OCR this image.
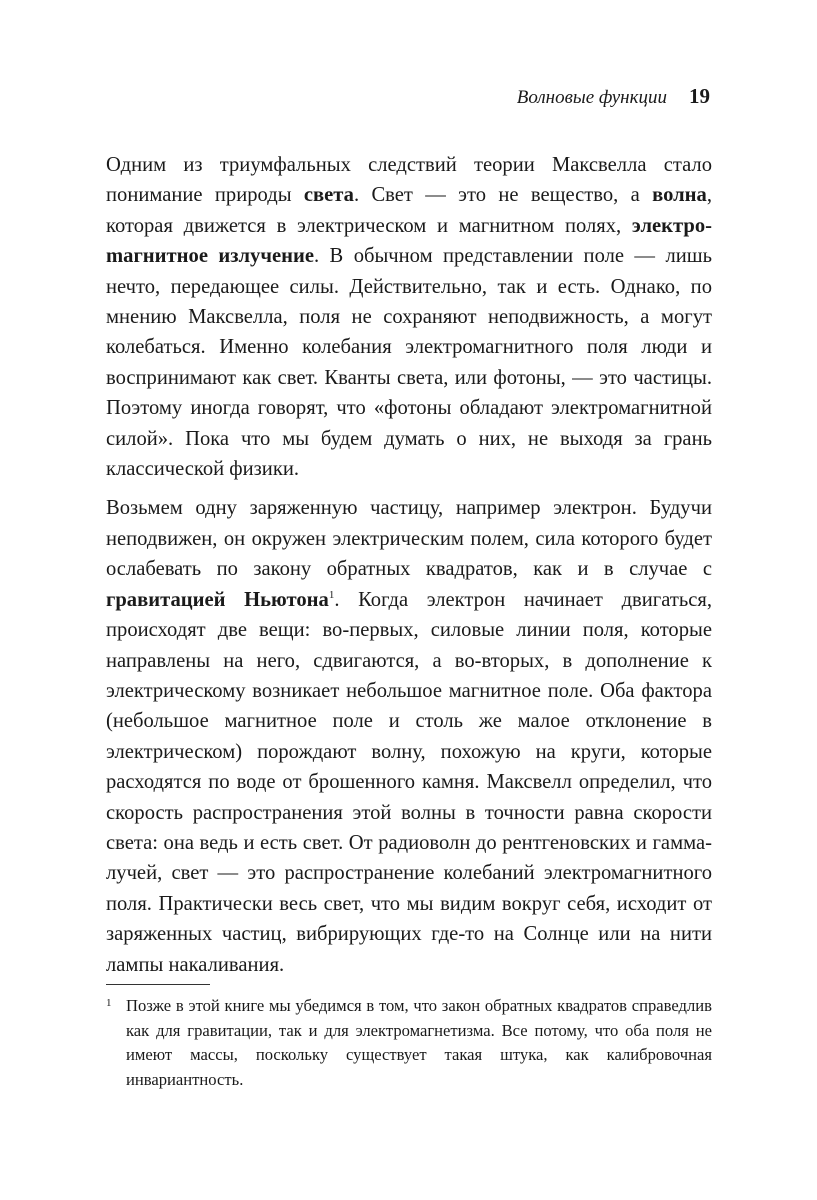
Волновые функции 19

Одним из триумфальных следствий теории Максвелла стало понимание природы света. Свет — это не вещество, а волна, которая движется в электрическом и магнитном полях, электроmагнитное излучение. В обычном представлении поле — лишь нечто, передающее силы. Действительно, так и есть. Однако, по мнению Максвелла, поля не сохраняют неподвижность, а могут колебаться. Именно колебания электромагнитного поля люди и воспринимают как свет. Кванты света, или фотоны, — это частицы. Поэтому иногда говорят, что «фотоны обладают электромагнитной силой». Пока что мы будем думать о них, не выходя за грань классической физики.

Возьмем одну заряженную частицу, например электрон. Будучи неподвижен, он окружен электрическим полем, сила которого будет ослабевать по закону обратных квадратов, как и в случае с гравитацией Ньютона$^1$. Когда электрон начинает двигаться, происходят две вещи: во-первых, силовые линии поля, которые направлены на него, сдвигаются, а во-вторых, в дополнение к электрическому возникает небольшое магнитное поле. Оба фактора (небольшое магнитное поле и столь же малое отклонение в электрическом) порождают волну, похожую на круги, которые расходятся по воде от брошенного камня. Максвелл определил, что скорость распространения этой волны в точности равна скорости света: она ведь и есть свет. От радиоволн до рентгеновских и гамма-лучей, свет — это распространение колебаний электромагнитного поля. Практически весь свет, что мы видим вокруг себя, исходит от заряженных частиц, вибрирующих где-то на Солнце или на нити лампы накаливания.

1 Позже в этой книге мы убедимся в том, что закон обратных квадратов справедлив как для гравитации, так и для электромагнетизма. Все потому, что оба поля не имеют массы, поскольку существует такая штука, как калибровочная инвариантность.
